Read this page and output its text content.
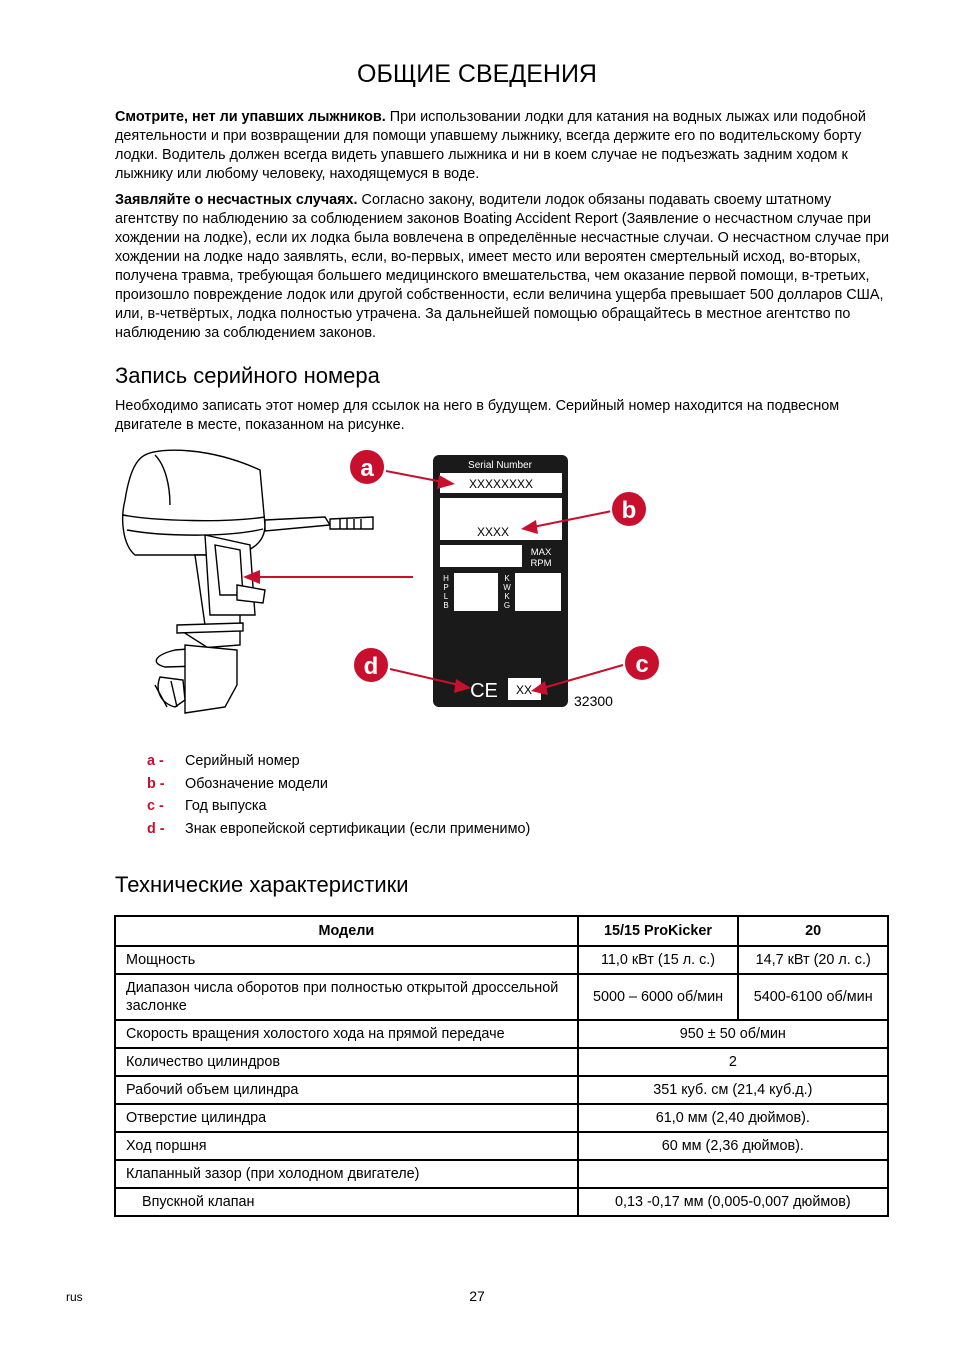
ОБЩИЕ СВЕДЕНИЯ

Смотрите, нет ли упавших лыжников. При использовании лодки для катания на водных лыжах или подобной деятельности и при возвращении для помощи упавшему лыжнику, всегда держите его по водительскому борту лодки. Водитель должен всегда видеть упавшего лыжника и ни в коем случае не подъезжать задним ходом к лыжнику или любому человеку, находящемуся в воде.

Заявляйте о несчастных случаях. Согласно закону, водители лодок обязаны подавать своему штатному агентству по наблюдению за соблюдением законов Boating Accident Report (Заявление о несчастном случае при хождении на лодке), если их лодка была вовлечена в определённые несчастные случаи. О несчастном случае при хождении на лодке надо заявлять, если, во-первых, имеет место или вероятен смертельный исход, во-вторых, получена травма, требующая большего медицинского вмешательства, чем оказание первой помощи, в-третьих, произошло повреждение лодок или другой собственности, если величина ущерба превышает 500 долларов США, или, в-четвёртых, лодка полностью утрачена. За дальнейшей помощью обращайтесь в местное агентство по наблюдению за соблюдением законов.

Запись серийного номера

Необходимо записать этот номер для ссылок на него в будущем. Серийный номер находится на подвесном двигателе в месте, показанном на рисунке.

Serial Number
XXXXXXXX
XXXX
MAX
RPM
H
P
L
B
K
W
K
G
CE XX
a
b
c
d
32300
a -	Серийный номер
b -	Обозначение модели
c -	Год выпуска
d -	Знак европейской сертификации (если применимо)
Технические характеристики
Модели	15/15 ProKicker	20
Мощность	11,0 кВт (15 л. с.)	14,7 кВт (20 л. с.)
Диапазон числа оборотов при полностью открытой дроссельной заслонке	5000 – 6000 об/мин	5400-6100 об/мин
Скорость вращения холостого хода на прямой передаче	950 ± 50 об/мин	
Количество цилиндров	2	
Рабочий объем цилиндра	351 куб. см (21,4 куб.д.)	
Отверстие цилиндра	61,0 мм (2,40 дюймов).	
Ход поршня	60 мм (2,36 дюймов).	
Клапанный зазор (при холодном двигателе)		
Впускной клапан	0,13 -0,17 мм (0,005-0,007 дюймов)	
rus	27
